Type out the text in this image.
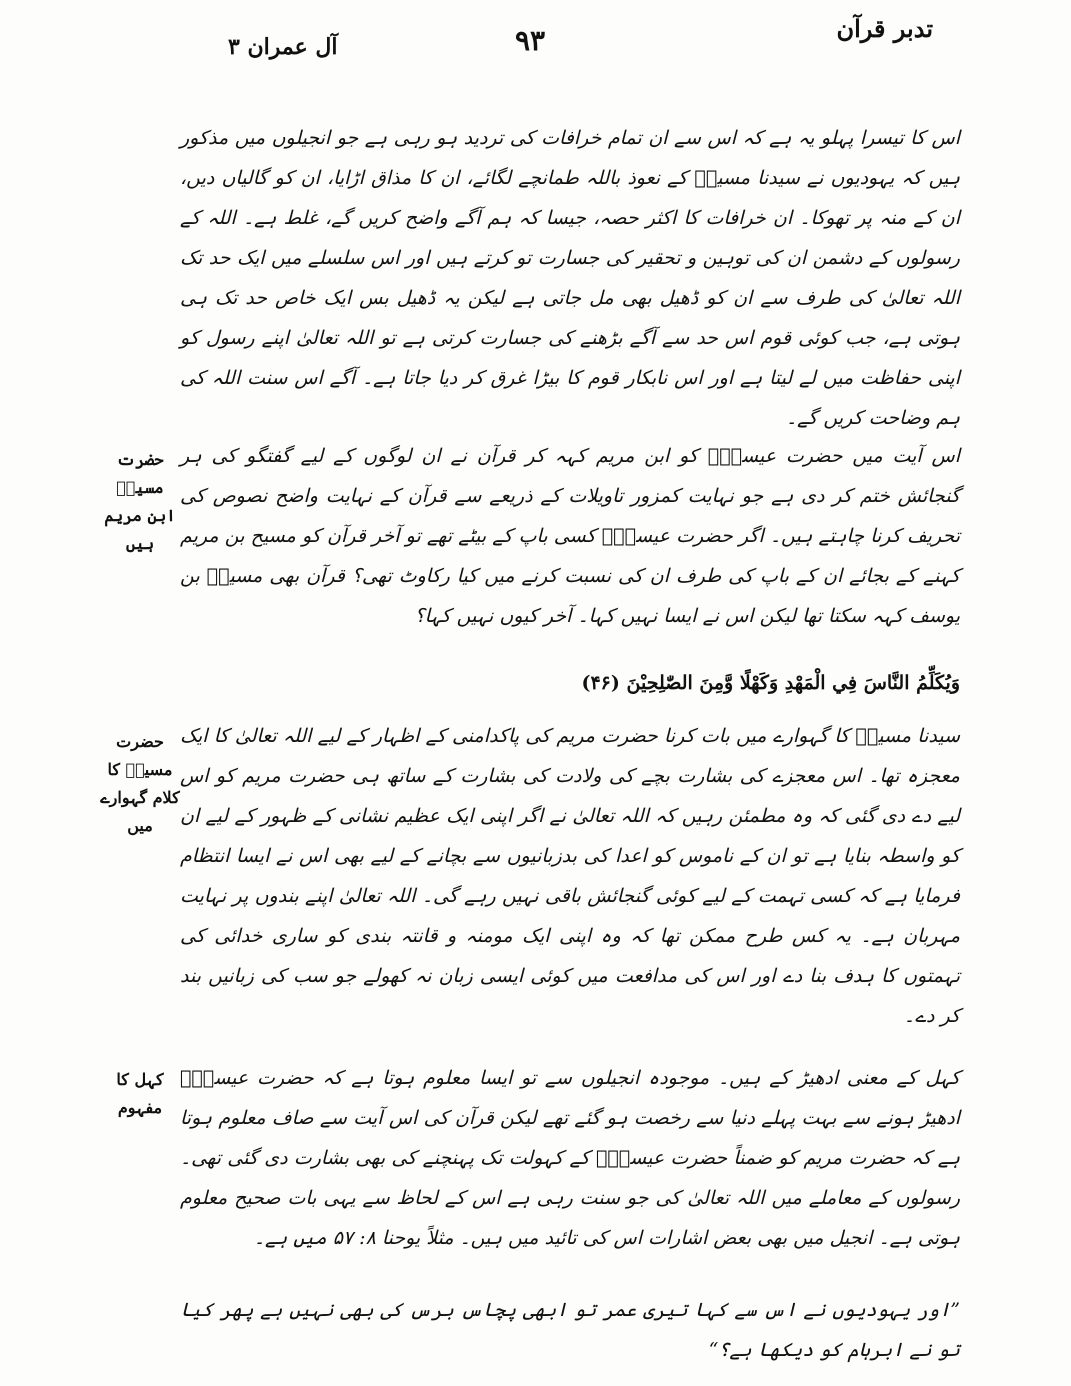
تدبر قرآن
٩٣
آل عمران ٣

اس کا تیسرا پہلو یہ ہے کہ اس سے ان تمام خرافات کی تردید ہو رہی ہے جو انجیلوں میں مذکور ہیں کہ یہودیوں نے سیدنا مسیحؑ کے نعوذ باللہ طمانچے لگائے، ان کا مذاق اڑایا، ان کو گالیاں دیں، ان کے منہ پر تھوکا۔ ان خرافات کا اکثر حصہ، جیسا کہ ہم آگے واضح کریں گے، غلط ہے۔ اللہ کے رسولوں کے دشمن ان کی توہین و تحقیر کی جسارت تو کرتے ہیں اور اس سلسلے میں ایک حد تک اللہ تعالیٰ کی طرف سے ان کو ڈھیل بھی مل جاتی ہے لیکن یہ ڈھیل بس ایک خاص حد تک ہی ہوتی ہے، جب کوئی قوم اس حد سے آگے بڑھنے کی جسارت کرتی ہے تو اللہ تعالیٰ اپنے رسول کو اپنی حفاظت میں لے لیتا ہے اور اس نابکار قوم کا بیڑا غرق کر دیا جاتا ہے۔ آگے اس سنت اللہ کی ہم وضاحت کریں گے۔

حضرت مسیحؑ ابن مریم ہیں

اس آیت میں حضرت عیسیٰؑ کو ابن مریم کہہ کر قرآن نے ان لوگوں کے لیے گفتگو کی ہر گنجائش ختم کر دی ہے جو نہایت کمزور تاویلات کے ذریعے سے قرآن کے نہایت واضح نصوص کی تحریف کرنا چاہتے ہیں۔ اگر حضرت عیسیٰؑ کسی باپ کے بیٹے تھے تو آخر قرآن کو مسیح بن مریم کہنے کے بجائے ان کے باپ کی طرف ان کی نسبت کرنے میں کیا رکاوٹ تھی؟ قرآن بھی مسیحؑ بن یوسف کہہ سکتا تھا لیکن اس نے ایسا نہیں کہا۔ آخر کیوں نہیں کہا؟

وَيُكَلِّمُ النَّاسَ فِي الْمَهْدِ وَكَهْلًا وَّمِنَ الصّٰلِحِيْنَ (۴۶)
حضرت مسیحؑ کا کلام گہوارے میں

سیدنا مسیحؑ کا گہوارے میں بات کرنا حضرت مریم کی پاکدامنی کے اظہار کے لیے اللہ تعالیٰ کا ایک معجزہ تھا۔ اس معجزے کی بشارت بچے کی ولادت کی بشارت کے ساتھ ہی حضرت مریم کو اس لیے دے دی گئی کہ وہ مطمئن رہیں کہ اللہ تعالیٰ نے اگر اپنی ایک عظیم نشانی کے ظہور کے لیے ان کو واسطہ بنایا ہے تو ان کے ناموس کو اعدا کی بدزبانیوں سے بچانے کے لیے بھی اس نے ایسا انتظام فرمایا ہے کہ کسی تہمت کے لیے کوئی گنجائش باقی نہیں رہے گی۔ اللہ تعالیٰ اپنے بندوں پر نہایت مہربان ہے۔ یہ کس طرح ممکن تھا کہ وہ اپنی ایک مومنہ و قانتہ بندی کو ساری خدائی کی تہمتوں کا ہدف بنا دے اور اس کی مدافعت میں کوئی ایسی زبان نہ کھولے جو سب کی زبانیں بند کر دے۔

کہل کا مفہوم

کہل کے معنی ادھیڑ کے ہیں۔ موجودہ انجیلوں سے تو ایسا معلوم ہوتا ہے کہ حضرت عیسیٰؑ ادھیڑ ہونے سے بہت پہلے دنیا سے رخصت ہو گئے تھے لیکن قرآن کی اس آیت سے صاف معلوم ہوتا ہے کہ حضرت مریم کو ضمناً حضرت عیسیٰؑ کے کہولت تک پہنچنے کی بھی بشارت دی گئی تھی۔ رسولوں کے معاملے میں اللہ تعالیٰ کی جو سنت رہی ہے اس کے لحاظ سے یہی بات صحیح معلوم ہوتی ہے۔ انجیل میں بھی بعض اشارات اس کی تائید میں ہیں۔ مثلاً یوحنا ۸: ۵۷ میں ہے۔

”اور یہودیوں نے اس سے کہا تیری عمر تو ابھی پچاس برس کی بھی نہیں ہے پھر کیا تو نے ابرہام کو دیکھا ہے؟“
